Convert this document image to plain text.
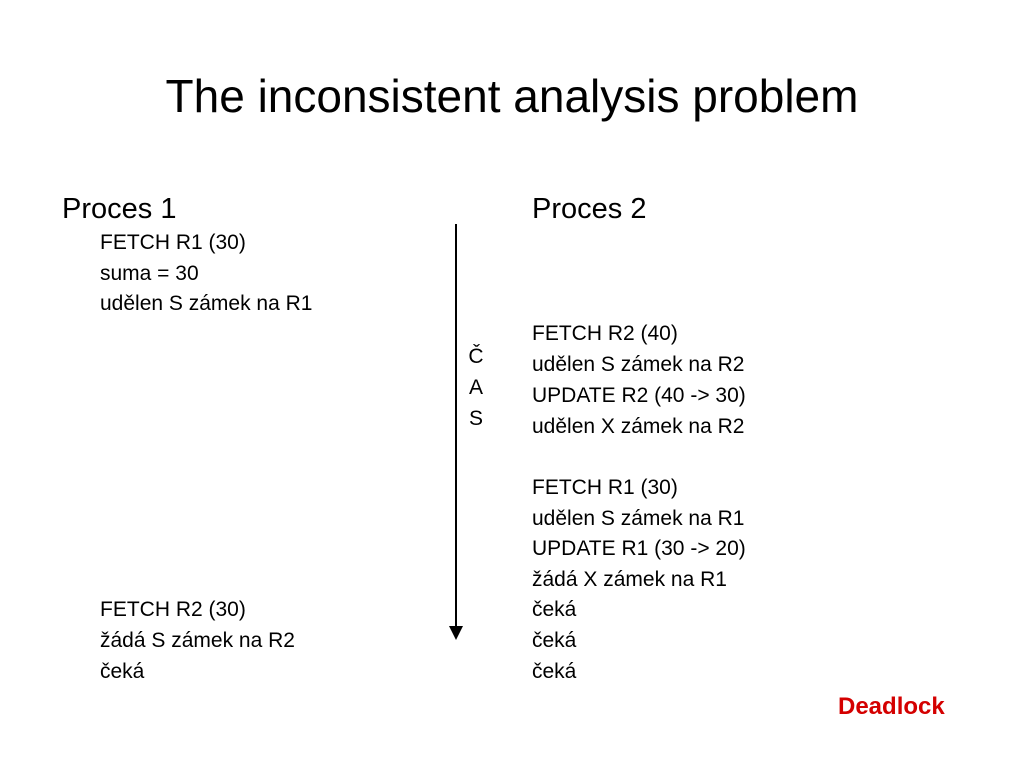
The inconsistent analysis problem
Proces 1
FETCH R1 (30)
suma = 30
udělen S zámek na R1
FETCH R2 (30)
žádá S zámek na R2
čeká
Č
A
S
Proces 2
FETCH R2 (40)
udělen S zámek na R2
UPDATE R2 (40 -> 30)
udělen X zámek na R2
FETCH R1 (30)
udělen S zámek na R1
UPDATE R1 (30 -> 20)
žádá X zámek na R1
čeká
čeká
čeká
Deadlock
